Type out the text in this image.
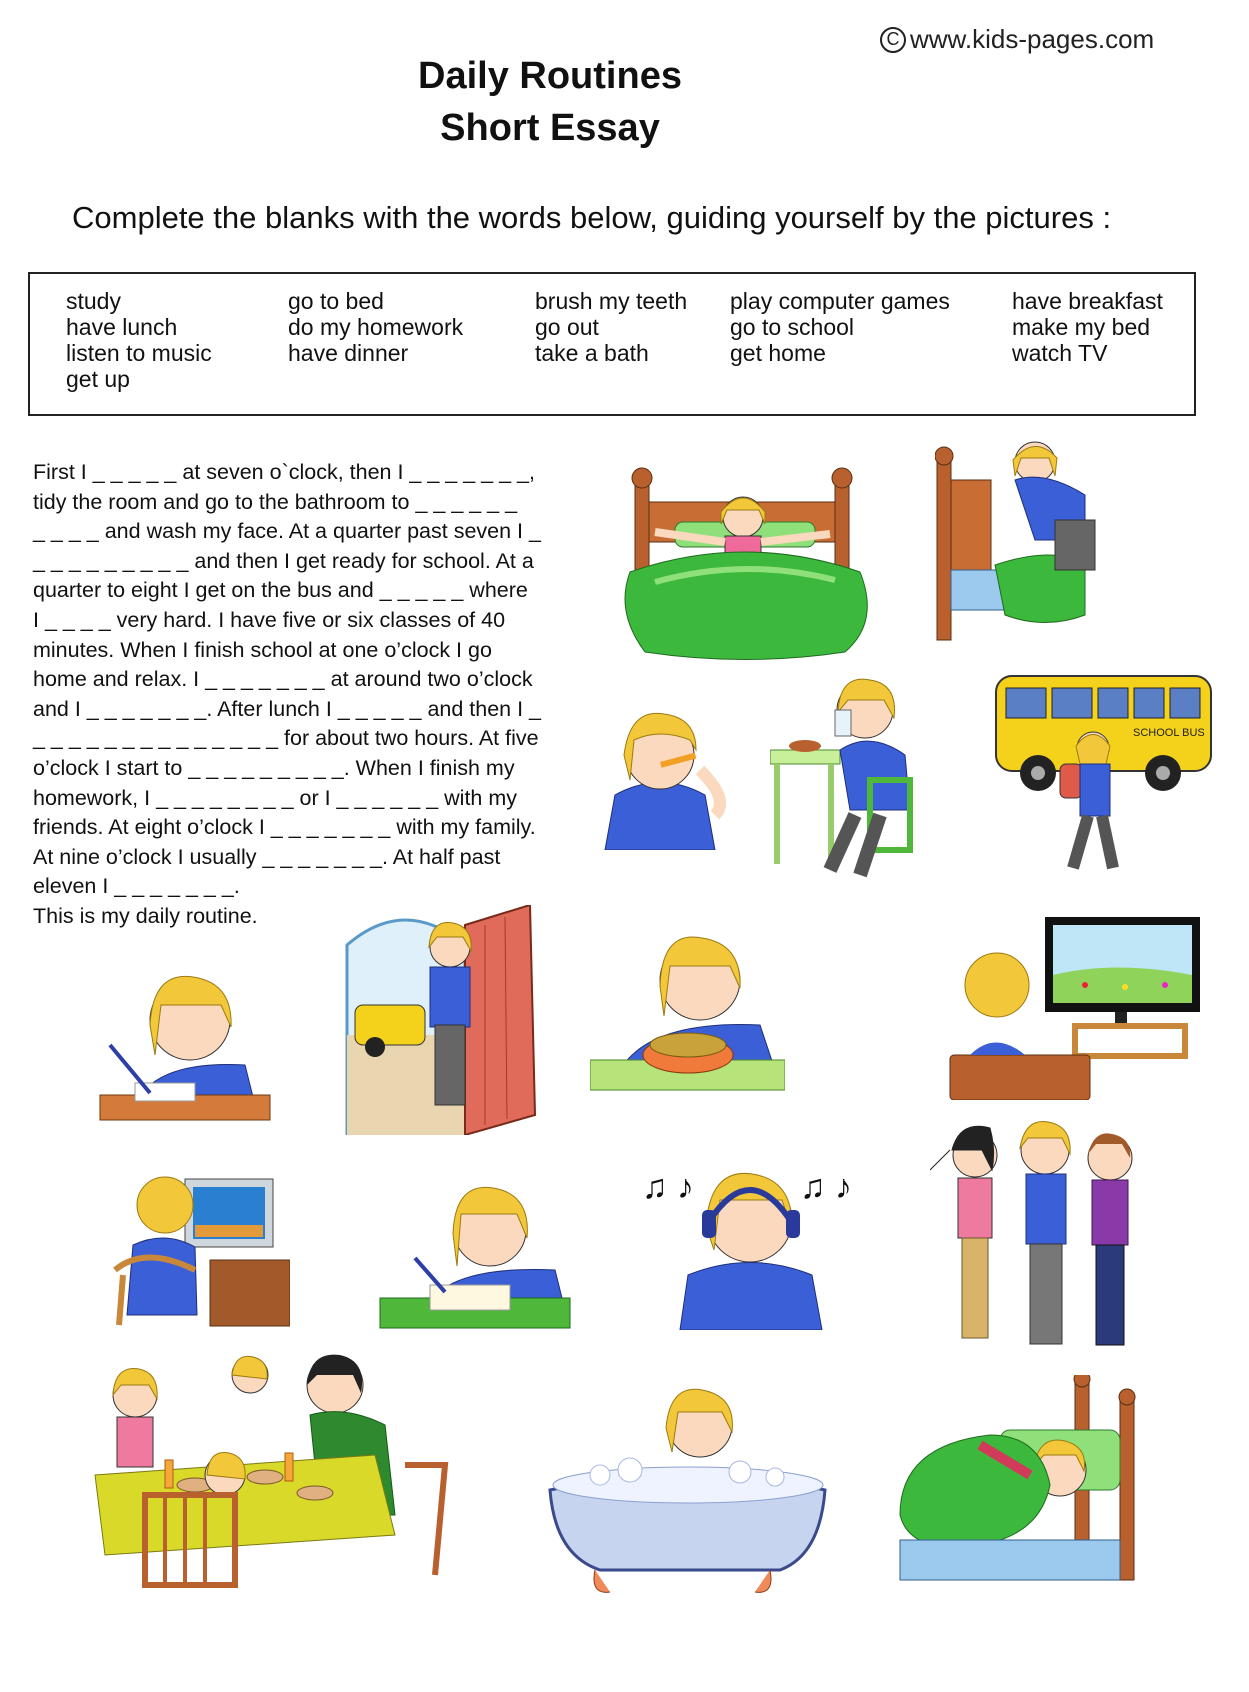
C www.kids-pages.com
Daily Routines
Short Essay
Complete the blanks with the words below, guiding yourself by the pictures :
study
have lunch
listen to music
get up
go to bed
do my homework
have dinner
brush my teeth
go out
take a bath
play computer games
go to school
get home
have breakfast
make my bed
watch TV
First I _ _ _ _ _ at seven o`clock, then I _ _ _ _ _ _ _,
tidy the room and go to the bathroom to _ _ _ _ _ _
_ _ _ _ and wash my face. At a quarter past seven I _
_ _ _ _ _ _ _ _ _ and then I get ready for school. At a
quarter to eight I get on the bus and _ _ _ _ _ where
I _ _ _ _ very hard. I have five or six classes of 40
minutes. When I finish school at one o’clock I go
home and relax. I _ _ _ _ _ _ _ at around two o’clock
and I _ _ _ _ _ _ _. After lunch I _ _ _ _ _ and then I _
_ _ _ _ _ _ _ _ _ _ _ _ _ _ for about two hours. At five
o’clock I start to _ _ _ _ _ _ _ _ _. When I finish my
homework, I _ _ _ _ _ _ _ _ or I _ _ _ _ _ _ with my
friends. At eight o’clock I _ _ _ _ _ _ _ with my family.
At nine o’clock I usually _ _ _ _ _ _ _. At half past
eleven I _ _ _ _ _ _ _.
This is my daily routine.
SCHOOL BUS
♫ ♪	♫ ♪
